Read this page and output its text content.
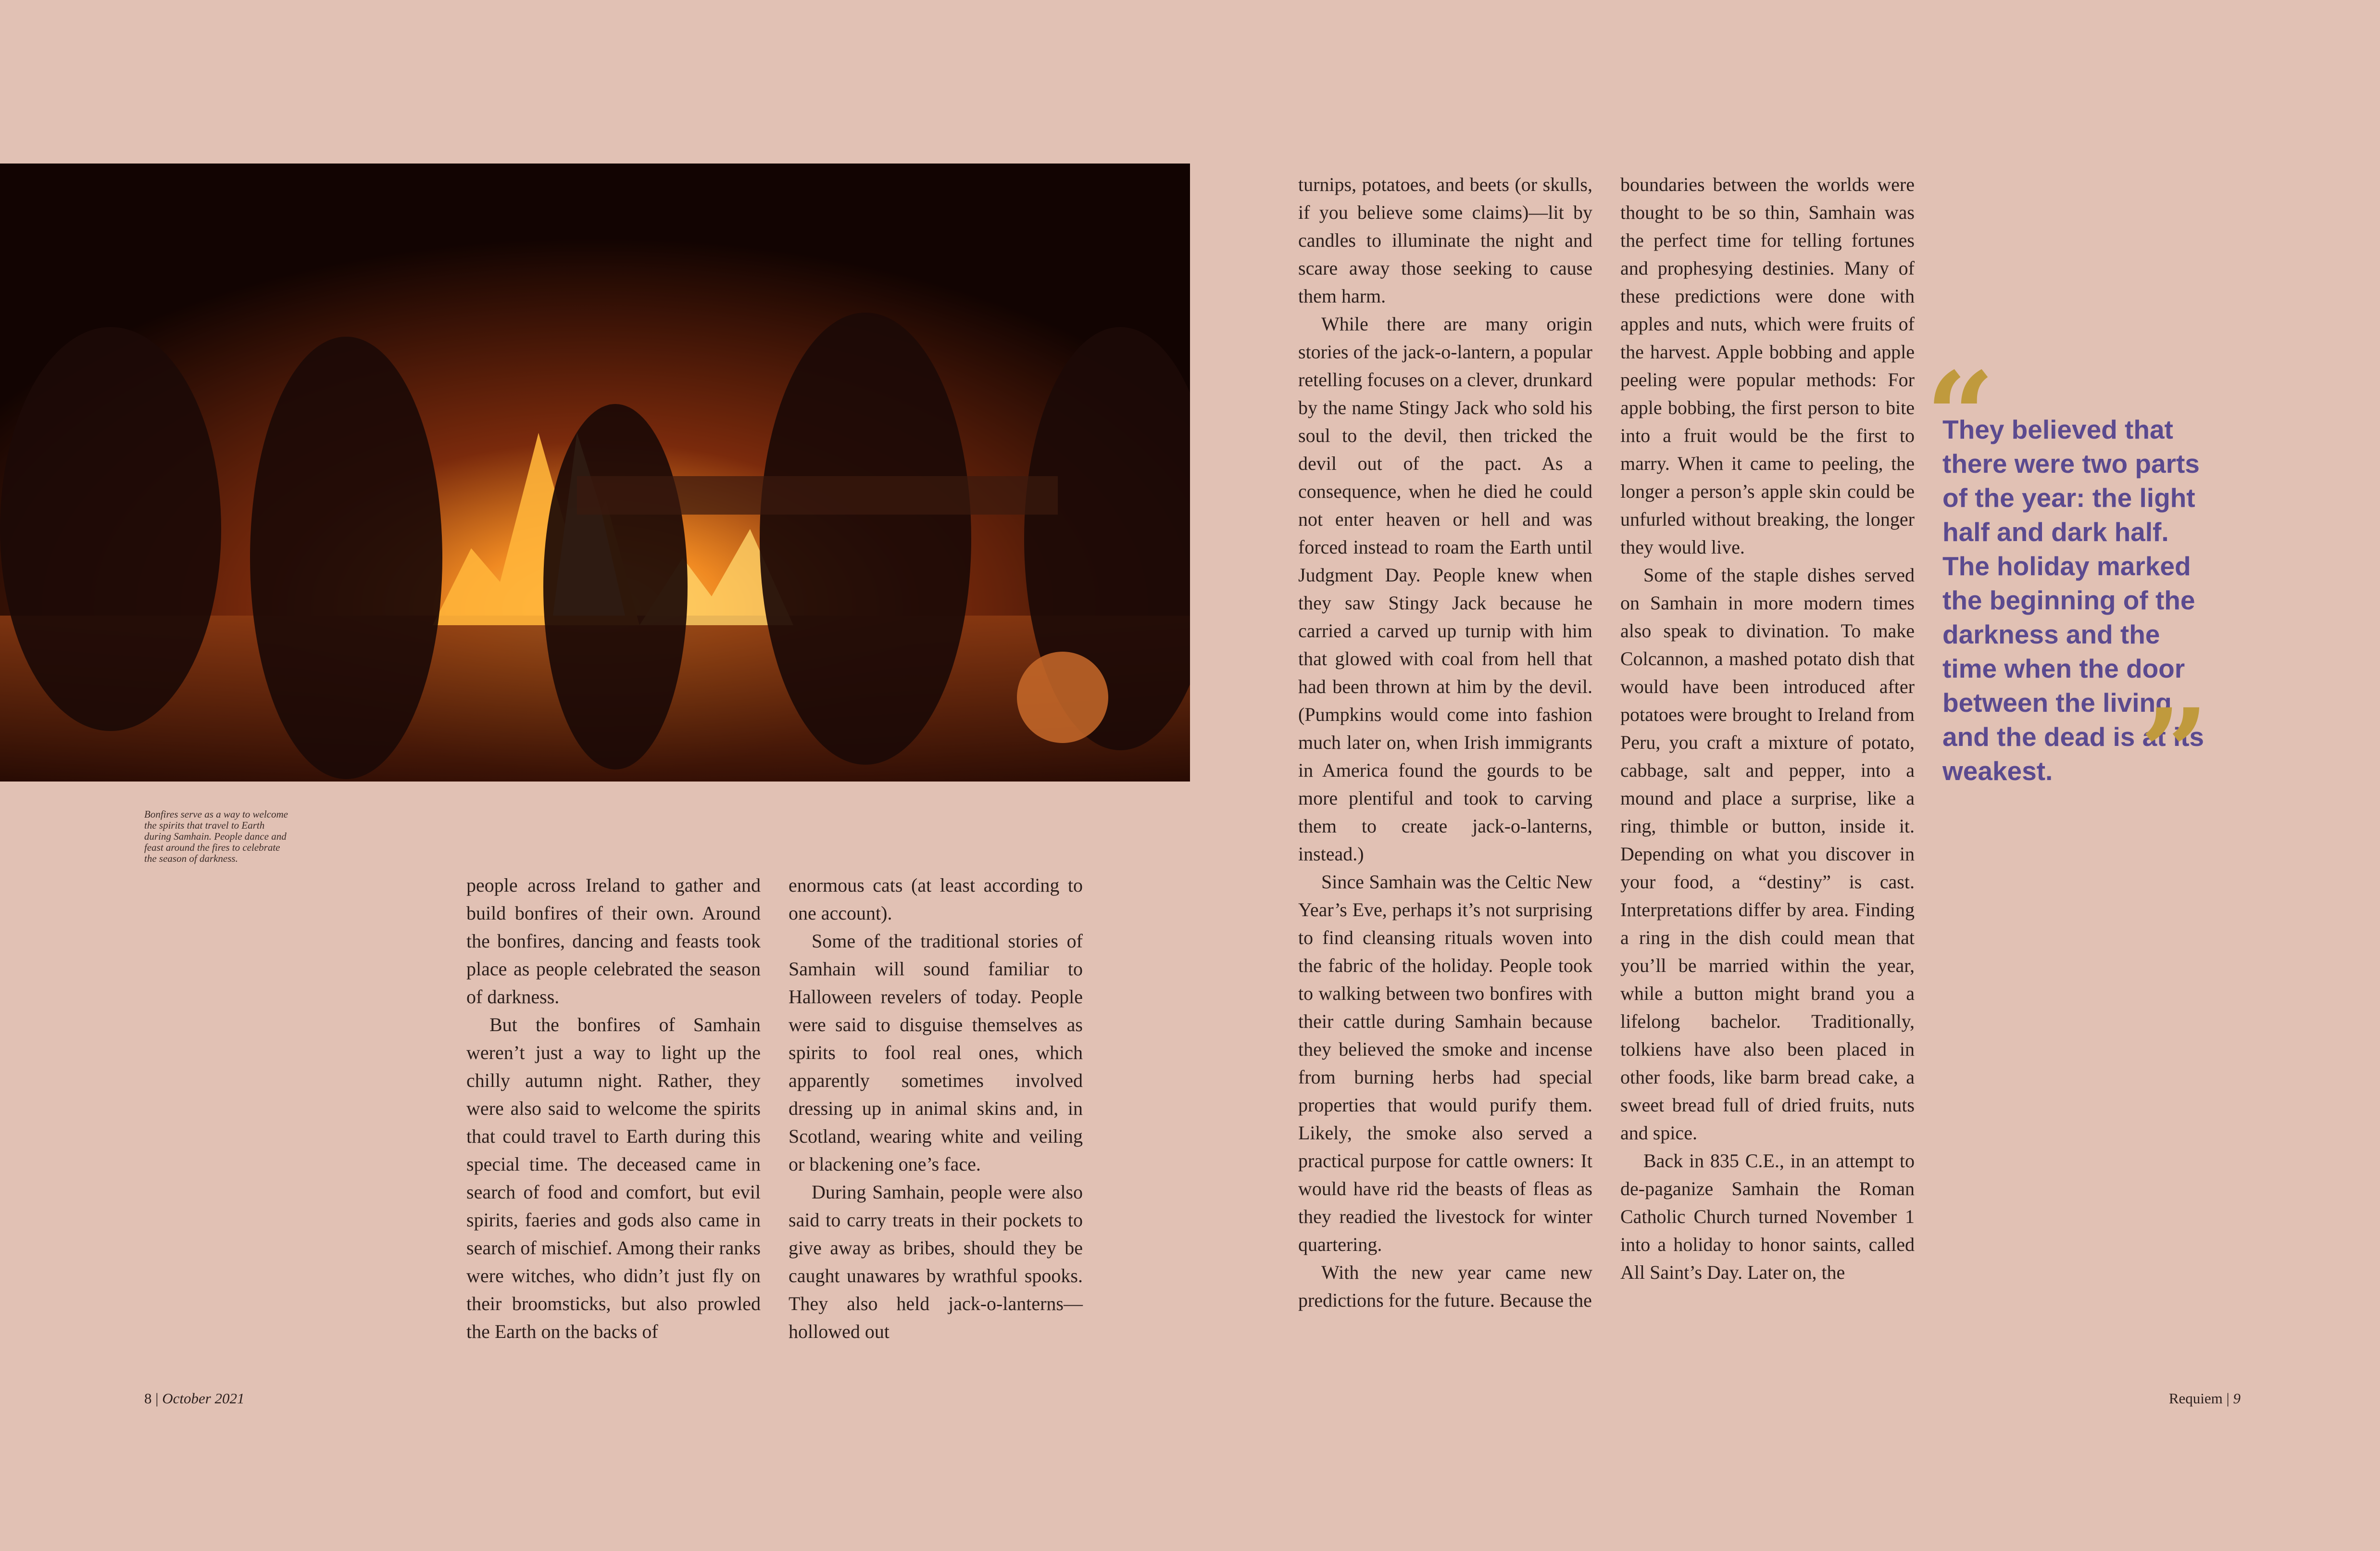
Bonfires serve as a way to welcome the spirits that travel to Earth during Samhain. People dance and feast around the fires to celebrate the season of darkness.

people across Ireland to gather and build bonfires of their own. Around the bonfires, dancing and feasts took place as people celebrated the season of darkness.

But the bonfires of Samhain weren’t just a way to light up the chilly autumn night. Rather, they were also said to welcome the spirits that could travel to Earth during this special time. The deceased came in search of food and comfort, but evil spirits, faeries and gods also came in search of mischief. Among their ranks were witches, who didn’t just fly on their broomsticks, but also prowled the Earth on the backs of

enormous cats (at least according to one account).

Some of the traditional stories of Samhain will sound familiar to Halloween revelers of today. People were said to disguise themselves as spirits to fool real ones, which apparently sometimes involved dressing up in animal skins and, in Scotland, wearing white and veiling or blackening one’s face.

During Samhain, people were also said to carry treats in their pockets to give away as bribes, should they be caught unawares by wrathful spooks. They also held jack-o-lanterns—hollowed out

turnips, potatoes, and beets (or skulls, if you believe some claims)—lit by candles to illuminate the night and scare away those seeking to cause them harm.

While there are many origin stories of the jack-o-lantern, a popular retelling focuses on a clever, drunkard by the name Stingy Jack who sold his soul to the devil, then tricked the devil out of the pact. As a consequence, when he died he could not enter heaven or hell and was forced instead to roam the Earth until Judgment Day. People knew when they saw Stingy Jack because he carried a carved up turnip with him that glowed with coal from hell that had been thrown at him by the devil. (Pumpkins would come into fashion much later on, when Irish immigrants in America found the gourds to be more plentiful and took to carving them to create jack-o-lanterns, instead.)

Since Samhain was the Celtic New Year’s Eve, perhaps it’s not surprising to find cleansing rituals woven into the fabric of the holiday. People took to walking between two bonfires with their cattle during Samhain because they believed the smoke and incense from burning herbs had special properties that would purify them. Likely, the smoke also served a practical purpose for cattle owners: It would have rid the beasts of fleas as they readied the livestock for winter quartering.

With the new year came new predictions for the future. Because the

boundaries between the worlds were thought to be so thin, Samhain was the perfect time for telling fortunes and prophesying destinies. Many of these predictions were done with apples and nuts, which were fruits of the harvest. Apple bobbing and apple peeling were popular methods: For apple bobbing, the first person to bite into a fruit would be the first to marry. When it came to peeling, the longer a person’s apple skin could be unfurled without breaking, the longer they would live.

Some of the staple dishes served on Samhain in more modern times also speak to divination. To make Colcannon, a mashed potato dish that would have been introduced after potatoes were brought to Ireland from Peru, you craft a mixture of potato, cabbage, salt and pepper, into a mound and place a surprise, like a ring, thimble or button, inside it. Depending on what you discover in your food, a “destiny” is cast. Interpretations differ by area. Finding a ring in the dish could mean that you’ll be married within the year, while a button might brand you a lifelong bachelor. Traditionally, tolkiens have also been placed in other foods, like barm bread cake, a sweet bread full of dried fruits, nuts and spice.

Back in 835 C.E., in an attempt to de-paganize Samhain the Roman Catholic Church turned November 1 into a holiday to honor saints, called All Saint’s Day. Later on, the

“
They believed that there were two parts of the year: the light half and dark half. The holiday marked the beginning of the darkness and the time when the door between the living and the dead is at its weakest. ”
8 | October 2021	Requiem | 9
